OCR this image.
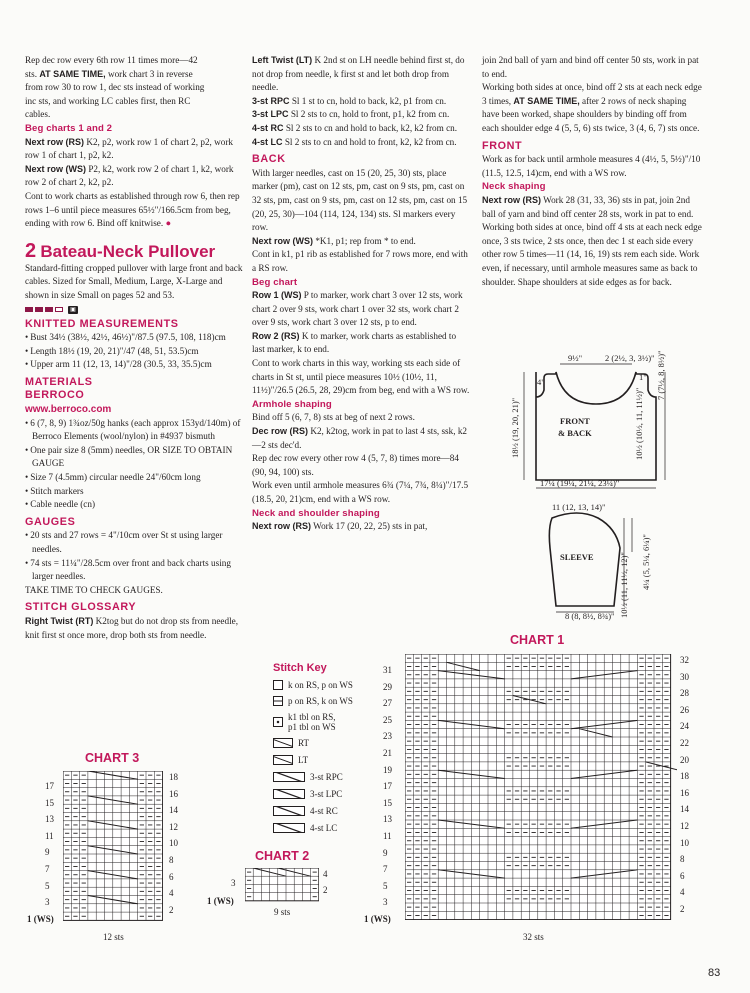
Rep dec row every 6th row 11 times more—42

sts. AT SAME TIME, work chart 3 in reverse

from row 30 to row 1, dec sts instead of working

inc sts, and working LC cables first, then RC

cables.

Beg charts 1 and 2

Next row (RS) K2, p2, work row 1 of chart 2, p2, work row 1 of chart 1, p2, k2.

Next row (WS) P2, k2, work row 2 of chart 1, k2, work row 2 of chart 2, k2, p2.

Cont to work charts as established through row 6, then rep rows 1–6 until piece measures 65½"/166.5cm from beg, ending with row 6. Bind off knitwise. ●

2 Bateau-Neck Pullover

Standard-fitting cropped pullover with large front and back cables. Sized for Small, Medium, Large, X-Large and shown in size Small on pages 52 and 53.

▣

KNITTED MEASUREMENTS

• Bust 34½ (38½, 42½, 46½)"/87.5 (97.5, 108, 118)cm

• Length 18½ (19, 20, 21)"/47 (48, 51, 53.5)cm

• Upper arm 11 (12, 13, 14)"/28 (30.5, 33, 35.5)cm

MATERIALS

BERROCO

www.berroco.com

• 6 (7, 8, 9) 1¾oz/50g hanks (each approx 153yd/140m) of Berroco Elements (wool/nylon) in #4937 bismuth

• One pair size 8 (5mm) needles, OR SIZE TO OBTAIN GAUGE

• Size 7 (4.5mm) circular needle 24"/60cm long

• Stitch markers

• Cable needle (cn)

GAUGES

• 20 sts and 27 rows = 4"/10cm over St st using larger needles.

• 74 sts = 11¼"/28.5cm over front and back charts using larger needles.

TAKE TIME TO CHECK GAUGES.

STITCH GLOSSARY

Right Twist (RT) K2tog but do not drop sts from needle, knit first st once more, drop both sts from needle.

Left Twist (LT) K 2nd st on LH needle behind first st, do not drop from needle, k first st and let both drop from needle.

3-st RPC Sl 1 st to cn, hold to back, k2, p1 from cn.

3-st LPC Sl 2 sts to cn, hold to front, p1, k2 from cn.

4-st RC Sl 2 sts to cn and hold to back, k2, k2 from cn.

4-st LC Sl 2 sts to cn and hold to front, k2, k2 from cn.

BACK

With larger needles, cast on 15 (20, 25, 30) sts, place marker (pm), cast on 12 sts, pm, cast on 9 sts, pm, cast on 32 sts, pm, cast on 9 sts, pm, cast on 12 sts, pm, cast on 15 (20, 25, 30)—104 (114, 124, 134) sts. Sl markers every row.

Next row (WS) *K1, p1; rep from * to end.

Cont in k1, p1 rib as established for 7 rows more, end with a RS row.

Beg chart

Row 1 (WS) P to marker, work chart 3 over 12 sts, work chart 2 over 9 sts, work chart 1 over 32 sts, work chart 2 over 9 sts, work chart 3 over 12 sts, p to end.

Row 2 (RS) K to marker, work charts as established to last marker, k to end.

Cont to work charts in this way, working sts each side of charts in St st, until piece measures 10½ (10½, 11, 11½)"/26.5 (26.5, 28, 29)cm from beg, end with a WS row.

Armhole shaping

Bind off 5 (6, 7, 8) sts at beg of next 2 rows.

Dec row (RS) K2, k2tog, work in pat to last 4 sts, ssk, k2—2 sts dec'd.

Rep dec row every other row 4 (5, 7, 8) times more—84 (90, 94, 100) sts.

Work even until armhole measures 6¾ (7¼, 7¾, 8¼)"/17.5 (18.5, 20, 21)cm, end with a WS row.

Neck and shoulder shaping

Next row (RS) Work 17 (20, 22, 25) sts in pat,

join 2nd ball of yarn and bind off center 50 sts, work in pat to end.

Working both sides at once, bind off 2 sts at each neck edge 3 times, AT SAME TIME, after 2 rows of neck shaping have been worked, shape shoulders by binding off from each shoulder edge 4 (5, 5, 6) sts twice, 3 (4, 6, 7) sts once.

FRONT

Work as for back until armhole measures 4 (4½, 5, 5½)"/10 (11.5, 12.5, 14)cm, end with a WS row.

Neck shaping

Next row (RS) Work 28 (31, 33, 36) sts in pat, join 2nd ball of yarn and bind off center 28 sts, work in pat to end.

Working both sides at once, bind off 4 sts at each neck edge once, 3 sts twice, 2 sts once, then dec 1 st each side every other row 5 times—11 (14, 16, 19) sts rem each side. Work even, if necessary, until armhole measures same as back to shoulder. Shape shoulders at side edges as for back.

9½"	2 (2½, 3, 3½)"
4"	1"
FRONT
& BACK
18½ (19, 20, 21)"
7 (7½, 8, 8½)"
10½ (10½, 11, 11½)"
17¼ (19¼, 21¼, 23¼)"
11 (12, 13, 14)"
SLEEVE	4¼ (5, 5¼, 6¼)"
10½ (11, 11½, 12)"
8 (8, 8½, 8¾)"
Stitch Key
k on RS, p on WS
p on RS, k on WS
k1 tbl on RS,
p1 tbl on WS
RT
LT
3-st RPC
3-st LPC
4-st RC
4-st LC
CHART 1
CHART 2
CHART 3
32 sts
9 sts
12 sts
1 (WS)
1 (WS)
1 (WS)
31
29
27
25
23
21
19
17
15
13
11
9
7
5
3
32
30
28
26
24
22
20
18
16
14
12
10
8
6
4
2
17
15
13
11
9
7
5
3
18
16
14
12
10
8
6
4
2
3
4
2
83
